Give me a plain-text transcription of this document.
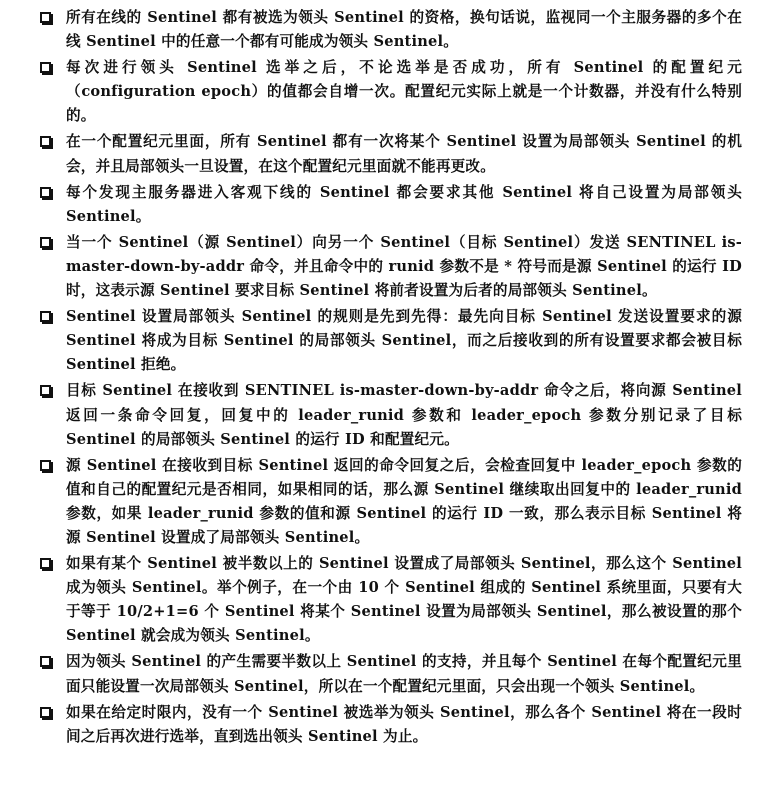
所有在线的 Sentinel 都有被选为领头 Sentinel 的资格，换句话说，监视同一个主服务器的多个在线 Sentinel 中的任意一个都有可能成为领头 Sentinel。
每次进行领头 Sentinel 选举之后，不论选举是否成功，所有 Sentinel 的配置纪元（configuration epoch）的值都会自增一次。配置纪元实际上就是一个计数器，并没有什么特别的。
在一个配置纪元里面，所有 Sentinel 都有一次将某个 Sentinel 设置为局部领头 Sentinel 的机会，并且局部领头一旦设置，在这个配置纪元里面就不能再更改。
每个发现主服务器进入客观下线的 Sentinel 都会要求其他 Sentinel 将自己设置为局部领头 Sentinel。
当一个 Sentinel（源 Sentinel）向另一个 Sentinel（目标 Sentinel）发送 SENTINEL is-master-down-by-addr 命令，并且命令中的 runid 参数不是 * 符号而是源 Sentinel 的运行 ID 时，这表示源 Sentinel 要求目标 Sentinel 将前者设置为后者的局部领头 Sentinel。
Sentinel 设置局部领头 Sentinel 的规则是先到先得：最先向目标 Sentinel 发送设置要求的源 Sentinel 将成为目标 Sentinel 的局部领头 Sentinel，而之后接收到的所有设置要求都会被目标 Sentinel 拒绝。
目标 Sentinel 在接收到 SENTINEL is-master-down-by-addr 命令之后，将向源 Sentinel 返回一条命令回复，回复中的 leader_runid 参数和 leader_epoch 参数分别记录了目标 Sentinel 的局部领头 Sentinel 的运行 ID 和配置纪元。
源 Sentinel 在接收到目标 Sentinel 返回的命令回复之后，会检查回复中 leader_epoch 参数的值和自己的配置纪元是否相同，如果相同的话，那么源 Sentinel 继续取出回复中的 leader_runid 参数，如果 leader_runid 参数的值和源 Sentinel 的运行 ID 一致，那么表示目标 Sentinel 将源 Sentinel 设置成了局部领头 Sentinel。
如果有某个 Sentinel 被半数以上的 Sentinel 设置成了局部领头 Sentinel，那么这个 Sentinel 成为领头 Sentinel。举个例子，在一个由 10 个 Sentinel 组成的 Sentinel 系统里面，只要有大于等于 10/2+1=6 个 Sentinel 将某个 Sentinel 设置为局部领头 Sentinel，那么被设置的那个 Sentinel 就会成为领头 Sentinel。
因为领头 Sentinel 的产生需要半数以上 Sentinel 的支持，并且每个 Sentinel 在每个配置纪元里面只能设置一次局部领头 Sentinel，所以在一个配置纪元里面，只会出现一个领头 Sentinel。
如果在给定时限内，没有一个 Sentinel 被选举为领头 Sentinel，那么各个 Sentinel 将在一段时间之后再次进行选举，直到选出领头 Sentinel 为止。
